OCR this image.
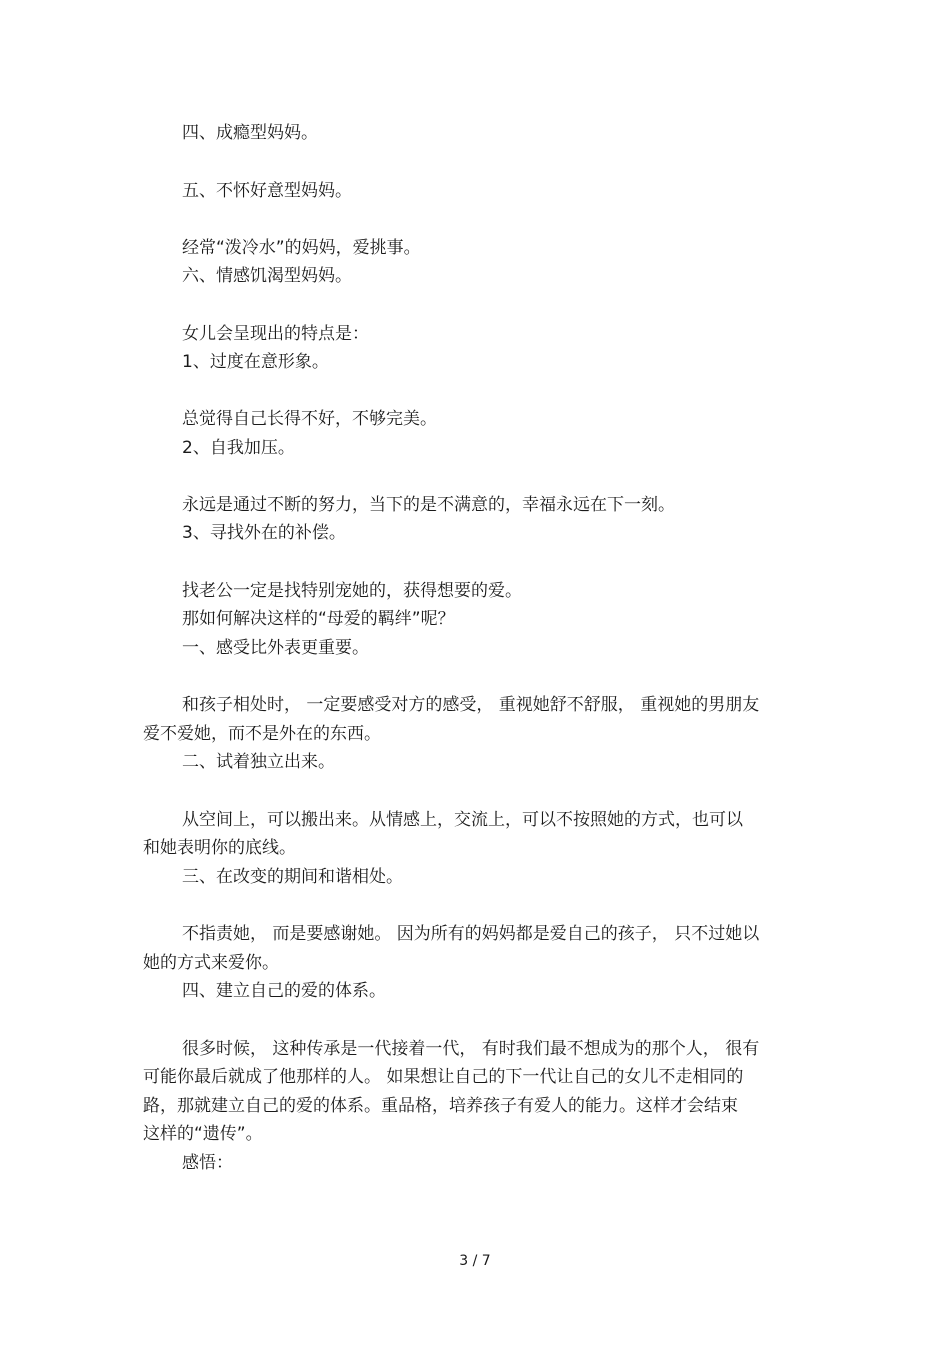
四、成瘾型妈妈。
五、不怀好意型妈妈。
经常“泼冷水”的妈妈，爱挑事。
六、情感饥渴型妈妈。
女儿会呈现出的特点是：
1、过度在意形象。
总觉得自己长得不好，不够完美。
2、自我加压。
永远是通过不断的努力，当下的是不满意的，幸福永远在下一刻。
3、寻找外在的补偿。
找老公一定是找特别宠她的，获得想要的爱。
那如何解决这样的“母爱的羁绊”呢？
一、感受比外表更重要。
和孩子相处时， 一定要感受对方的感受， 重视她舒不舒服， 重视她的男朋友
爱不爱她，而不是外在的东西。
二、试着独立出来。
从空间上，可以搬出来。从情感上，交流上，可以不按照她的方式，也可以
和她表明你的底线。
三、在改变的期间和谐相处。
不指责她， 而是要感谢她。 因为所有的妈妈都是爱自己的孩子， 只不过她以
她的方式来爱你。
四、建立自己的爱的体系。
很多时候， 这种传承是一代接着一代， 有时我们最不想成为的那个人， 很有
可能你最后就成了他那样的人。 如果想让自己的下一代让自己的女儿不走相同的
路，那就建立自己的爱的体系。重品格，培养孩子有爱人的能力。这样才会结束
这样的“遗传”。
感悟：
3 / 7
